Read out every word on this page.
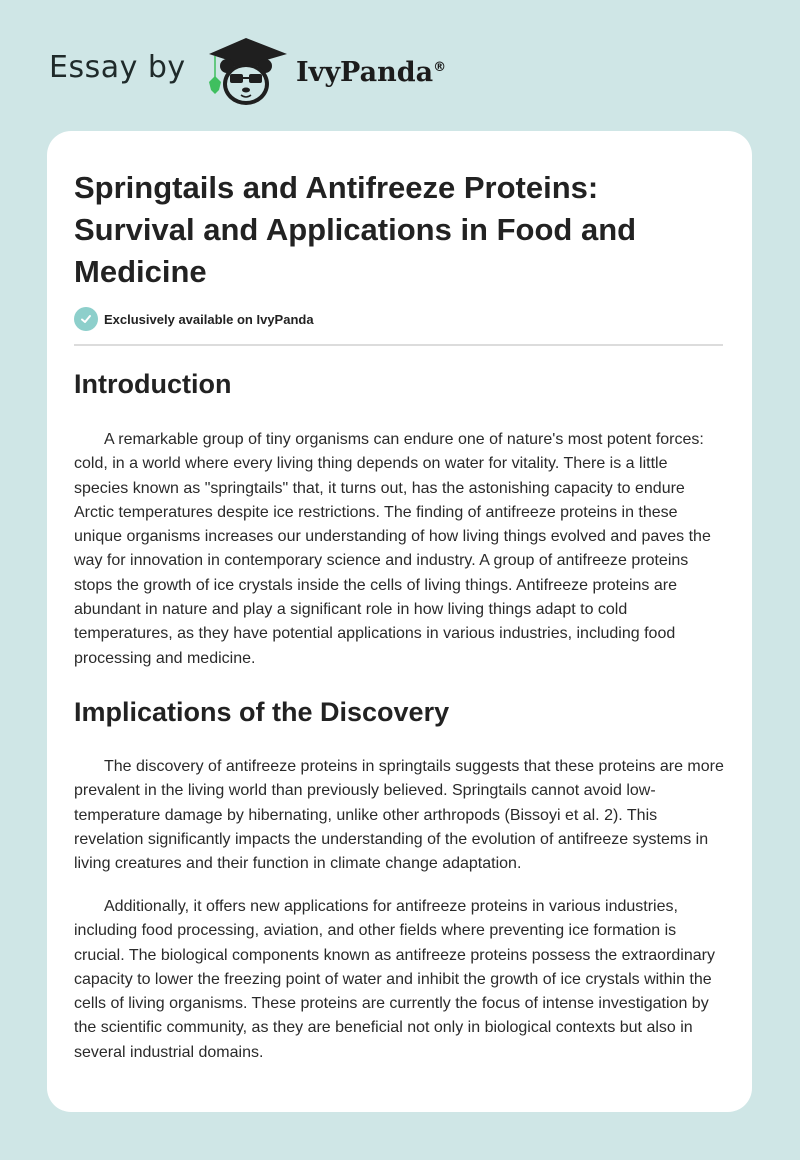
Essay by	IvyPanda®
Springtails and Antifreeze Proteins: Survival and Applications in Food and Medicine
Exclusively available on IvyPanda
Introduction

A remarkable group of tiny organisms can endure one of nature's most potent forces: cold, in a world where every living thing depends on water for vitality. There is a little species known as "springtails" that, it turns out, has the astonishing capacity to endure Arctic temperatures despite ice restrictions. The finding of antifreeze proteins in these unique organisms increases our understanding of how living things evolved and paves the way for innovation in contemporary science and industry. A group of antifreeze proteins stops the growth of ice crystals inside the cells of living things. Antifreeze proteins are abundant in nature and play a significant role in how living things adapt to cold temperatures, as they have potential applications in various industries, including food processing and medicine.

Implications of the Discovery

The discovery of antifreeze proteins in springtails suggests that these proteins are more prevalent in the living world than previously believed. Springtails cannot avoid low-temperature damage by hibernating, unlike other arthropods (Bissoyi et al. 2). This revelation significantly impacts the understanding of the evolution of antifreeze systems in living creatures and their function in climate change adaptation.

Additionally, it offers new applications for antifreeze proteins in various industries, including food processing, aviation, and other fields where preventing ice formation is crucial. The biological components known as antifreeze proteins possess the extraordinary capacity to lower the freezing point of water and inhibit the growth of ice crystals within the cells of living organisms. These proteins are currently the focus of intense investigation by the scientific community, as they are beneficial not only in biological contexts but also in several industrial domains.
